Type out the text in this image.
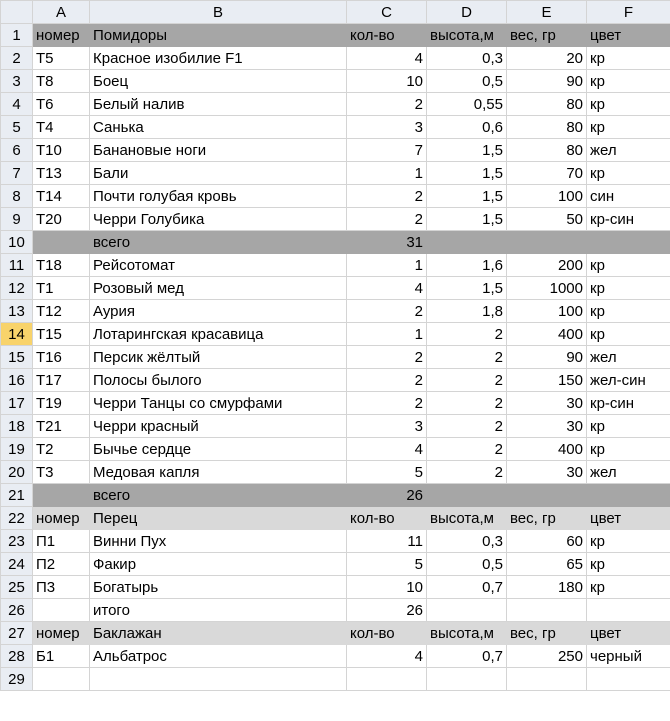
	A	B	C	D	E	F
1	номер	Помидоры	кол-во	высота,м	вес, гр	цвет
2	Т5	Красное изобилие F1	4	0,3	20	кр
3	Т8	Боец	10	0,5	90	кр
4	Т6	Белый налив	2	0,55	80	кр
5	Т4	Санька	3	0,6	80	кр
6	Т10	Банановые ноги	7	1,5	80	жел
7	Т13	Бали	1	1,5	70	кр
8	Т14	Почти голубая кровь	2	1,5	100	син
9	Т20	Черри Голубика	2	1,5	50	кр-син
10		всего	31			
11	Т18	Рейсотомат	1	1,6	200	кр
12	Т1	Розовый мед	4	1,5	1000	кр
13	Т12	Аурия	2	1,8	100	кр
14	Т15	Лотарингская красавица	1	2	400	кр
15	Т16	Персик жёлтый	2	2	90	жел
16	Т17	Полосы былого	2	2	150	жел-син
17	Т19	Черри Танцы со смурфами	2	2	30	кр-син
18	Т21	Черри красный	3	2	30	кр
19	Т2	Бычье сердце	4	2	400	кр
20	Т3	Медовая капля	5	2	30	жел
21		всего	26			
22	номер	Перец	кол-во	высота,м	вес, гр	цвет
23	П1	Винни Пух	11	0,3	60	кр
24	П2	Факир	5	0,5	65	кр
25	П3	Богатырь	10	0,7	180	кр
26		итого	26			
27	номер	Баклажан	кол-во	высота,м	вес, гр	цвет
28	Б1	Альбатрос	4	0,7	250	черный
29						
